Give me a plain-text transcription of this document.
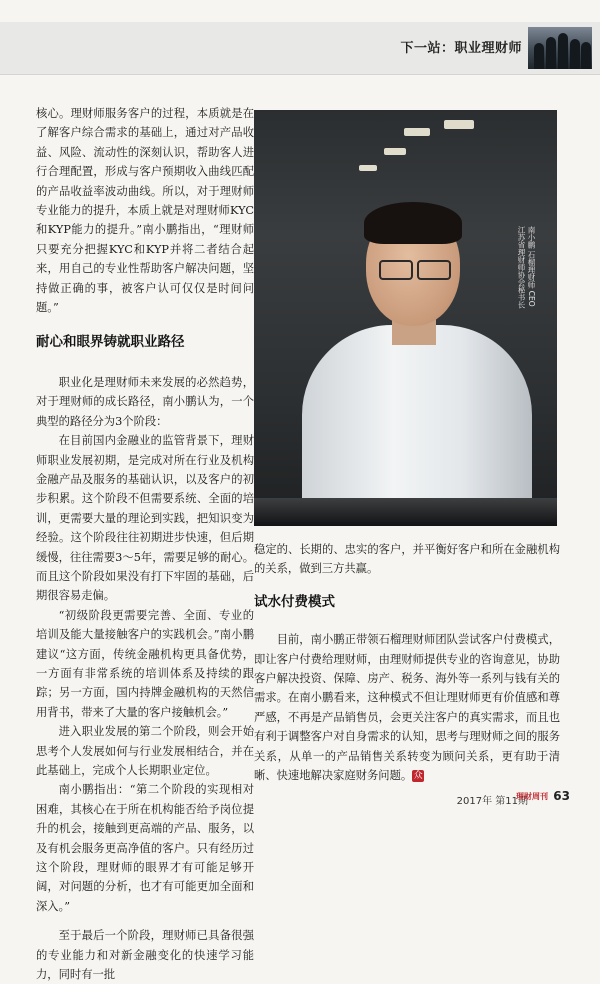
下一站：职业理财师

核心。理财师服务客户的过程，本质就是在了解客户综合需求的基础上，通过对产品收益、风险、流动性的深刻认识，帮助客人进行合理配置，形成与客户预期收入曲线匹配的产品收益率波动曲线。所以，对于理财师专业能力的提升，本质上就是对理财师KYC和KYP能力的提升。”南小鹏指出，“理财师只要充分把握KYC和KYP并将二者结合起来，用自己的专业性帮助客户解决问题，坚持做正确的事，被客户认可仅仅是时间问题。”

耐心和眼界铸就职业路径

职业化是理财师未来发展的必然趋势，对于理财师的成长路径，南小鹏认为，一个典型的路径分为3个阶段：

在目前国内金融业的监管背景下，理财师职业发展初期，是完成对所在行业及机构金融产品及服务的基础认识，以及客户的初步积累。这个阶段不但需要系统、全面的培训，更需要大量的理论到实践，把知识变为经验。这个阶段往往初期进步快速，但后期缓慢，往往需要3～5年，需要足够的耐心。而且这个阶段如果没有打下牢固的基础，后期很容易走偏。

“初级阶段更需要完善、全面、专业的培训及能大量接触客户的实践机会。”南小鹏建议“这方面，传统金融机构更具备优势，一方面有非常系统的培训体系及持续的跟踪；另一方面，国内持牌金融机构的天然信用背书，带来了大量的客户接触机会。”

进入职业发展的第二个阶段，则会开始思考个人发展如何与行业发展相结合，并在此基础上，完成个人长期职业定位。

南小鹏指出：“第二个阶段的实现相对困难，其核心在于所在机构能否给予岗位提升的机会，接触到更高端的产品、服务，以及有机会服务更高净值的客户。只有经历过这个阶段，理财师的眼界才有可能足够开阔，对问题的分析，也才有可能更加全面和深入。”

至于最后一个阶段，理财师已具备很强的专业能力和对新金融变化的快速学习能力，同时有一批

南小鹏 石榴理财师 CEO
江苏省理财师协会秘书长

稳定的、长期的、忠实的客户，并平衡好客户和所在金融机构的关系，做到三方共赢。

试水付费模式

目前，南小鹏正带领石榴理财师团队尝试客户付费模式，即让客户付费给理财师，由理财师提供专业的咨询意见，协助客户解决投资、保障、房产、税务、海外等一系列与钱有关的需求。在南小鹏看来，这种模式不但让理财师更有价值感和尊严感，不再是产品销售员，会更关注客户的真实需求，而且也有利于调整客户对自身需求的认知，思考与理财师之间的服务关系，从单一的产品销售关系转变为顾问关系，更有助于清晰、快速地解决家庭财务问题。众

2017年 第11期
理财周刊 63
